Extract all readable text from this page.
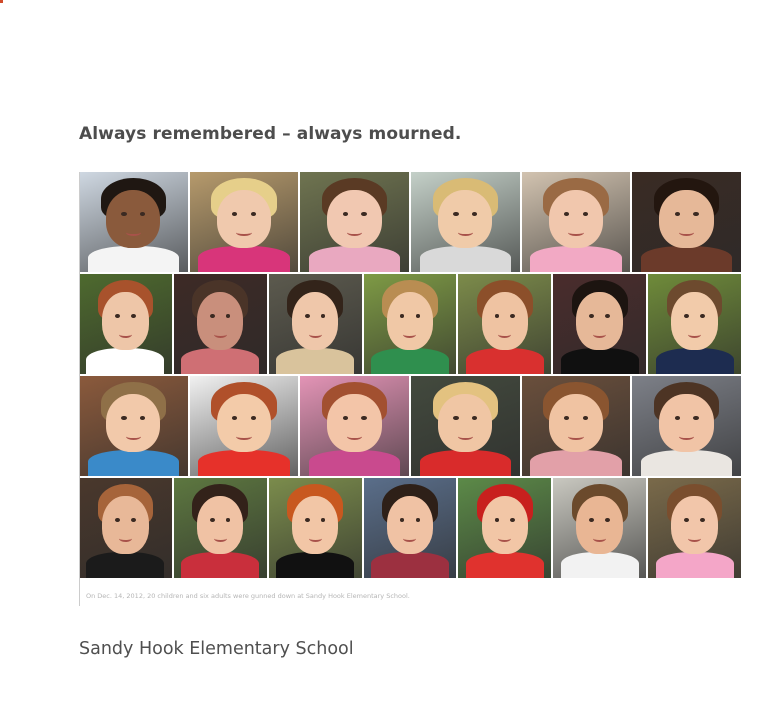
Always remembered – always mourned.
On Dec. 14, 2012, 20 children and six adults were gunned down at Sandy Hook Elementary School.
Sandy Hook Elementary School
